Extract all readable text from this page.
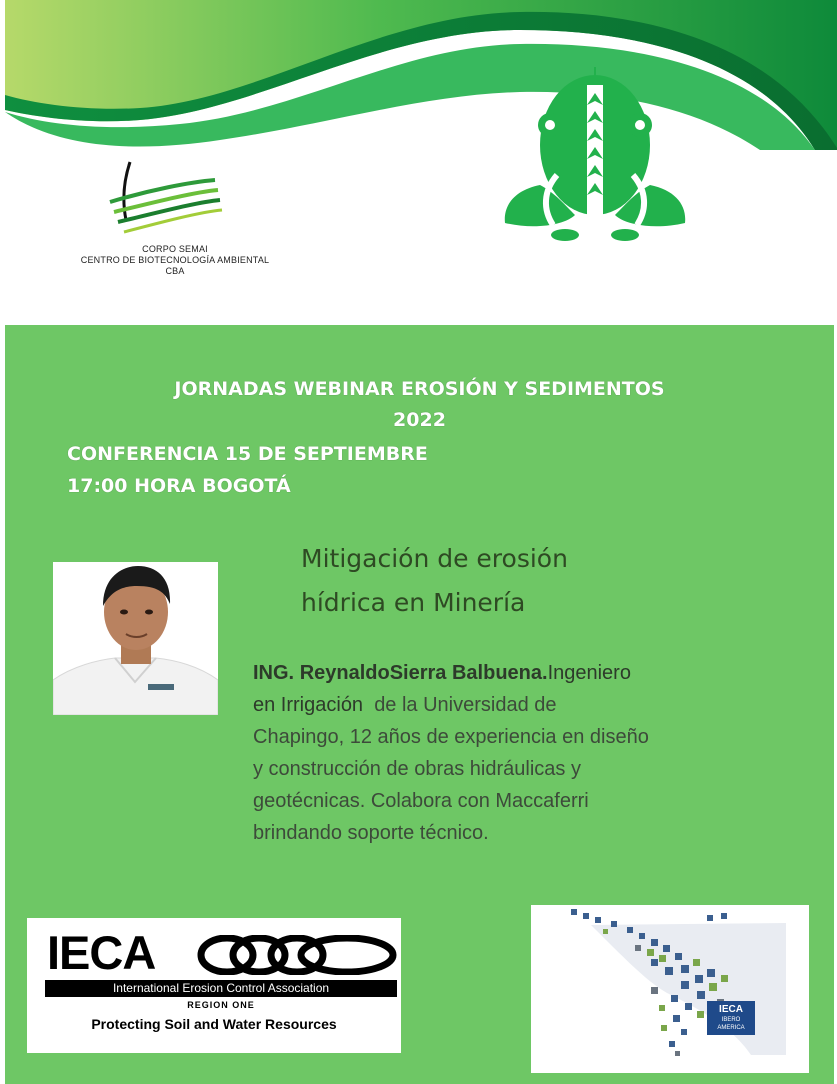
CORPO SEMAI
CENTRO DE BIOTECNOLOGÍA AMBIENTAL
CBA
JORNADAS WEBINAR EROSIÓN Y SEDIMENTOS
2022
CONFERENCIA 15 DE SEPTIEMBRE
17:00 HORA BOGOTÁ
Mitigación de erosión
hídrica en Minería
ING. ReynaldoSierra Balbuena.Ingeniero
en Irrigación de la Universidad de
Chapingo, 12 años de experiencia en diseño
y construcción de obras hidráulicas y
geotécnicas. Colabora con Maccaferri
brindando soporte técnico.
IECA
International Erosion Control Association
REGION ONE
Protecting Soil and Water Resources
IECA
IBERO
AMERICA
